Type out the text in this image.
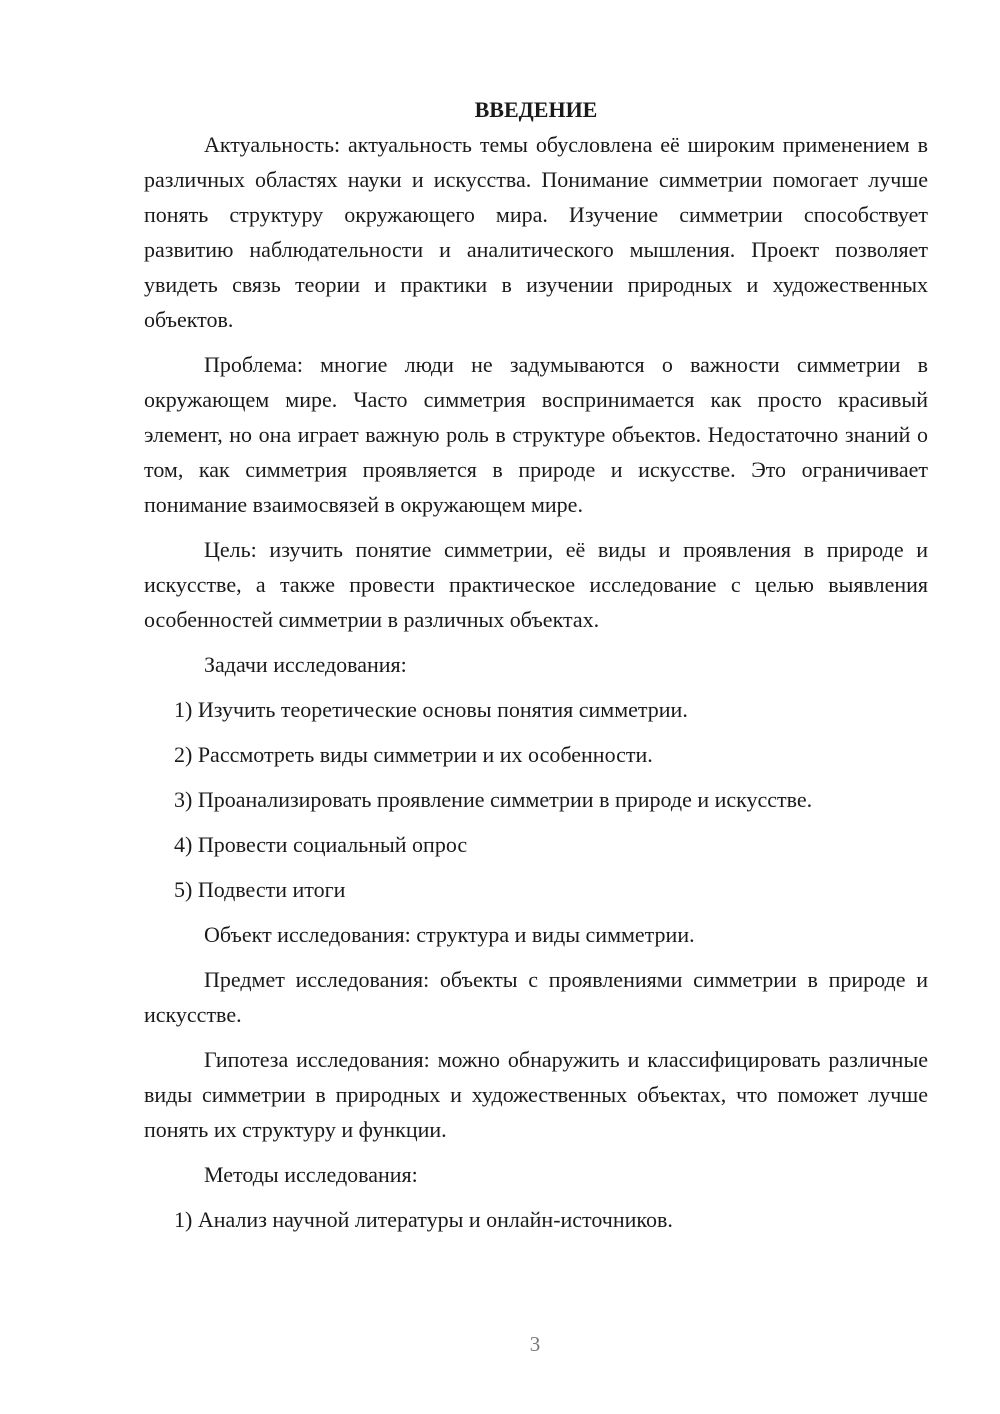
ВВЕДЕНИЕ

Актуальность: актуальность темы обусловлена её широким применением в различных областях науки и искусства. Понимание симметрии помогает лучше понять структуру окружающего мира. Изучение симметрии способствует развитию наблюдательности и аналитического мышления. Проект позволяет увидеть связь теории и практики в изучении природных и художественных объектов.

Проблема: многие люди не задумываются о важности симметрии в окружающем мире. Часто симметрия воспринимается как просто красивый элемент, но она играет важную роль в структуре объектов. Недостаточно знаний о том, как симметрия проявляется в природе и искусстве. Это ограничивает понимание взаимосвязей в окружающем мире.

Цель: изучить понятие симметрии, её виды и проявления в природе и искусстве, а также провести практическое исследование с целью выявления особенностей симметрии в различных объектах.

Задачи исследования:

1) Изучить теоретические основы понятия симметрии.

2) Рассмотреть виды симметрии и их особенности.

3) Проанализировать проявление симметрии в природе и искусстве.

4) Провести социальный опрос

5) Подвести итоги

Объект исследования: структура и виды симметрии.

Предмет исследования: объекты с проявлениями симметрии в природе и искусстве.

Гипотеза исследования: можно обнаружить и классифицировать различные виды симметрии в природных и художественных объектах, что поможет лучше понять их структуру и функции.

Методы исследования:

1) Анализ научной литературы и онлайн-источников.

3
